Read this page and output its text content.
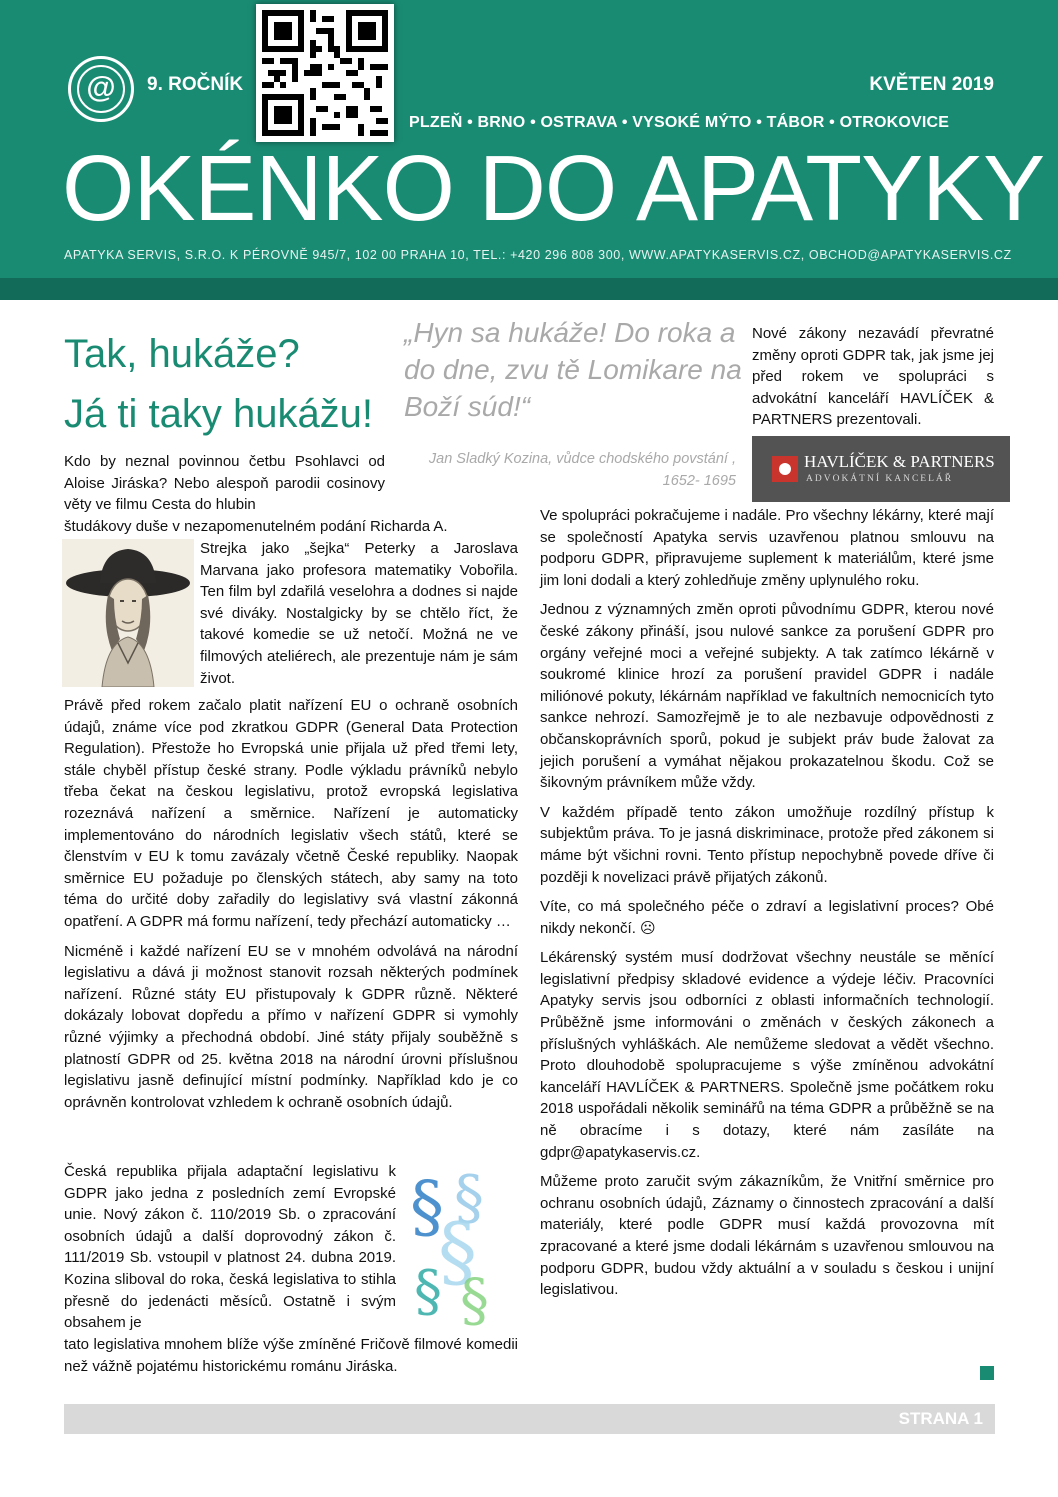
@	9. ROČNÍK	KVĚTEN 2019
PLZEŇ • BRNO • OSTRAVA • VYSOKÉ MÝTO • TÁBOR • OTROKOVICE
OKÉNKO DO APATYKY
APATYKA SERVIS, S.R.O. K PÉROVNĚ 945/7, 102 00 PRAHA 10, TEL.: +420 296 808 300, WWW.APATYKASERVIS.CZ, OBCHOD@APATYKASERVIS.CZ
Tak, hukáže?
Já ti taky hukážu!
„Hyn sa hukáže! Do roka a do dne, zvu tě Lomikare na Boží súd!“
Jan Sladký Kozina, vůdce chodského povstání ,
1652- 1695

Kdo by neznal povinnou četbu Psohlavci od Aloise Jiráska? Nebo alespoň parodii cosinovy věty ve filmu Cesta do hlubin

študákovy duše v nezapomenutelném podání Richarda A.

Strejka jako „šejka“ Peterky a Jaroslava Marvana jako profesora matematiky Vobořila. Ten film byl zdařilá veselohra a dodnes si najde své diváky. Nostalgicky by se chtělo říct, že takové komedie se už netočí. Možná ne ve filmových ateliérech, ale prezentuje nám je sám život.

Právě před rokem začalo platit nařízení EU o ochraně osobních údajů, známe více pod zkratkou GDPR (General Data Protection Regulation). Přestože ho Evropská unie přijala už před třemi lety, stále chyběl přístup české strany. Podle výkladu právníků nebylo třeba čekat na českou legislativu, protož evropská legislativa rozeznává nařízení a směrnice. Nařízení je automaticky implementováno do národních legislativ všech států, které se členstvím v EU k tomu zavázaly včetně České republiky. Naopak směrnice EU požaduje po členských státech, aby samy na toto téma do určité doby zařadily do legislativy svá vlastní zákonná opatření. A GDPR má formu nařízení, tedy přechází automaticky …

Nicméně i každé nařízení EU se v mnohém odvolává na národní legislativu a dává ji možnost stanovit rozsah některých podmínek nařízení. Různé státy EU přistupovaly k GDPR různě. Některé dokázaly lobovat dopředu a přímo v nařízení GDPR si vymohly různé výjimky a přechodná období. Jiné státy přijaly souběžně s platností GDPR od 25. května 2018 na národní úrovni příslušnou legislativu jasně definující místní podmínky. Například kdo je co oprávněn kontrolovat vzhledem k ochraně osobních údajů.

Česká republika přijala adaptační legislativu k GDPR jako jedna z posledních zemí Evropské unie. Nový zákon č. 110/2019 Sb. o zpracování osobních údajů a další doprovodný zákon č. 111/2019 Sb. vstoupil v platnost 24. dubna 2019. Kozina sliboval do roka, česká legislativa to stihla přesně do jedenácti měsíců. Ostatně i svým obsahem je

§ §
§
§ §

tato legislativa mnohem blíže výše zmíněné Fričově filmové komedii než vážně pojatému historickému románu Jiráska.

Nové zákony nezavádí převratné změny oproti GDPR tak, jak jsme jej před rokem ve spolupráci s advokátní kanceláří HAVLÍČEK & PARTNERS prezentovali.

HAVLÍČEK & PARTNERS
ADVOKÁTNÍ KANCELÁŘ

Ve spolupráci pokračujeme i nadále. Pro všechny lékárny, které mají se společností Apatyka servis uzavřenou platnou smlouvu na podporu GDPR, připravujeme suplement k materiálům, které jsme jim loni dodali a který zohledňuje změny uplynulého roku.

Jednou z významných změn oproti původnímu GDPR, kterou nové české zákony přináší, jsou nulové sankce za porušení GDPR pro orgány veřejné moci a veřejné subjekty. A tak zatímco lékárně v soukromé klinice hrozí za porušení pravidel GDPR i nadále miliónové pokuty, lékárnám například ve fakultních nemocnicích tyto sankce nehrozí. Samozřejmě je to ale nezbavuje odpovědnosti z občanskoprávních sporů, pokud je subjekt práv bude žalovat za jejich porušení a vymáhat nějakou prokazatelnou škodu. Což se šikovným právníkem může vždy.

V každém případě tento zákon umožňuje rozdílný přístup k subjektům práva. To je jasná diskriminace, protože před zákonem si máme být všichni rovni. Tento přístup nepochybně povede dříve či později k novelizaci právě přijatých zákonů.

Víte, co má společného péče o zdraví a legislativní proces? Obé nikdy nekončí. ☹

Lékárenský systém musí dodržovat všechny neustále se měnící legislativní předpisy skladové evidence a výdeje léčiv. Pracovníci Apatyky servis jsou odborníci z oblasti informačních technologií. Průběžně jsme informováni o změnách v českých zákonech a příslušných vyhláškách. Ale nemůžeme sledovat a vědět všechno. Proto dlouhodobě spolupracujeme s výše zmíněnou advokátní kanceláří HAVLÍČEK & PARTNERS. Společně jsme počátkem roku 2018 uspořádali několik seminářů na téma GDPR a průběžně se na ně obracíme i s dotazy, které nám zasíláte na gdpr@apatykaservis.cz.

Můžeme proto zaručit svým zákazníkům, že Vnitřní směrnice pro ochranu osobních údajů, Záznamy o činnostech zpracování a další materiály, které podle GDPR musí každá provozovna mít zpracované a které jsme dodali lékárnám s uzavřenou smlouvou na podporu GDPR, budou vždy aktuální a v souladu s českou i unijní legislativou.

STRANA 1
